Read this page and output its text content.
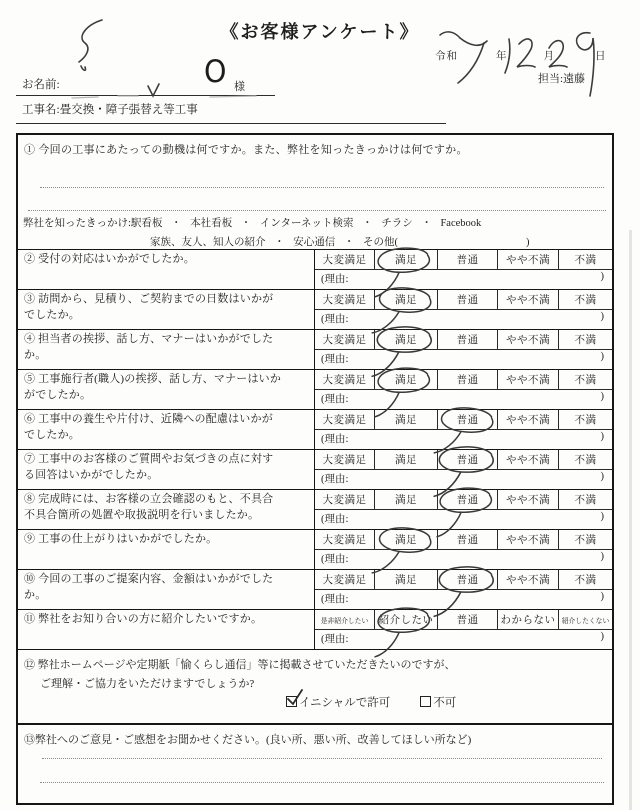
《お客様アンケート》
令和	年	月	日
担当:遠藤
お名前:	O 様
工事名:畳交換・障子張替え等工事
① 今回の工事にあたっての動機は何ですか。また、弊社を知ったきっかけは何ですか。
弊社を知ったきっかけ:駅看板 ・ 本社看板 ・ インターネット検索 ・ チラシ ・ Facebook
家族、友人、知人の紹介 ・ 安心通信 ・ その他(	)
② 受付の対応はいかがでしたか。	大変満足	満足	普通	やや不満	不満
(理由:	)
③ 訪問から、見積り、ご契約までの日数はいかがでしたか。
大変満足	満足	普通	やや不満	不満
(理由:	)
④ 担当者の挨拶、話し方、マナーはいかがでしたか。
大変満足	満足	普通	やや不満	不満
(理由:	)
⑤ 工事施行者(職人)の挨拶、話し方、マナーはいかがでしたか。
大変満足	満足	普通	やや不満	不満
(理由:	)
⑥ 工事中の養生や片付け、近隣への配慮はいかがでしたか。
大変満足	満足	普通	やや不満	不満
(理由:	)
⑦ 工事中のお客様のご質問やお気づきの点に対する回答はいかがでしたか。
大変満足	満足	普通	やや不満	不満
(理由:	)
⑧ 完成時には、お客様の立会確認のもと、不具合不具合箇所の処置や取扱説明を行いましたか。
大変満足	満足	普通	やや不満	不満
(理由:	)
⑨ 工事の仕上がりはいかがでしたか。	大変満足	満足	普通	やや不満	不満
(理由:	)
⑩ 今回の工事のご提案内容、金額はいかがでしたか。
大変満足	満足	普通	やや不満	不満
(理由:	)
⑪ 弊社をお知り合いの方に紹介したいですか。	是非紹介したい 紹介したい	普通	わからない 紹介したくない
(理由:	)
⑫ 弊社ホームページや定期紙「愉くらし通信」等に掲載させていただきたいのですが、
ご理解・ご協力をいただけますでしょうか?
イニシャルで許可	不可
⑬弊社へのご意見・ご感想をお聞かせください。(良い所、悪い所、改善してほしい所など)
